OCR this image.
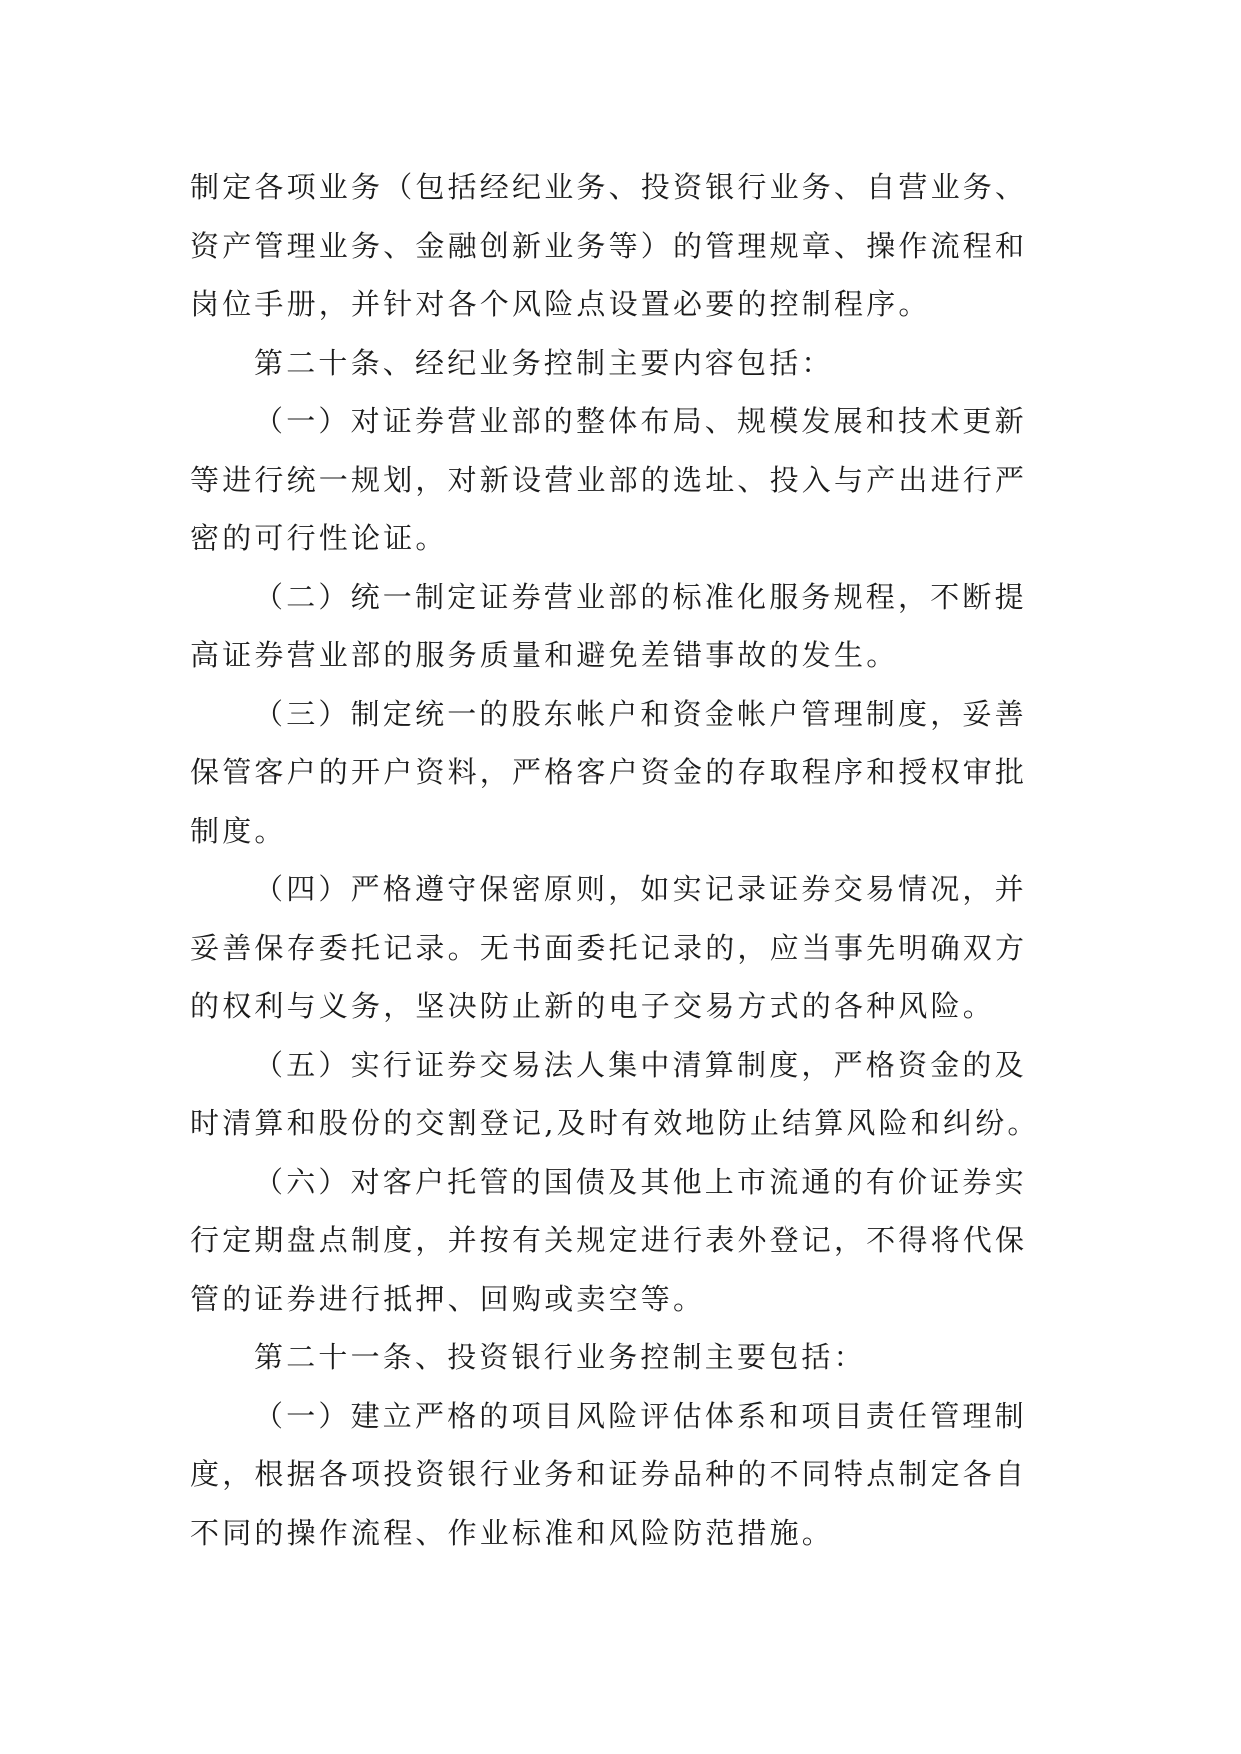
制定各项业务（包括经纪业务、投资银行业务、自营业务、
资产管理业务、金融创新业务等）的管理规章、操作流程和
岗位手册，并针对各个风险点设置必要的控制程序。
第二十条、经纪业务控制主要内容包括：
（一）对证券营业部的整体布局、规模发展和技术更新
等进行统一规划，对新设营业部的选址、投入与产出进行严
密的可行性论证。
（二）统一制定证券营业部的标准化服务规程，不断提
高证券营业部的服务质量和避免差错事故的发生。
（三）制定统一的股东帐户和资金帐户管理制度，妥善
保管客户的开户资料，严格客户资金的存取程序和授权审批
制度。
（四）严格遵守保密原则，如实记录证券交易情况，并
妥善保存委托记录。无书面委托记录的，应当事先明确双方
的权利与义务，坚决防止新的电子交易方式的各种风险。
（五）实行证券交易法人集中清算制度，严格资金的及
时清算和股份的交割登记,及时有效地防止结算风险和纠纷。
（六）对客户托管的国债及其他上市流通的有价证券实
行定期盘点制度，并按有关规定进行表外登记，不得将代保
管的证券进行抵押、回购或卖空等。
第二十一条、投资银行业务控制主要包括：
（一）建立严格的项目风险评估体系和项目责任管理制
度，根据各项投资银行业务和证券品种的不同特点制定各自
不同的操作流程、作业标准和风险防范措施。
